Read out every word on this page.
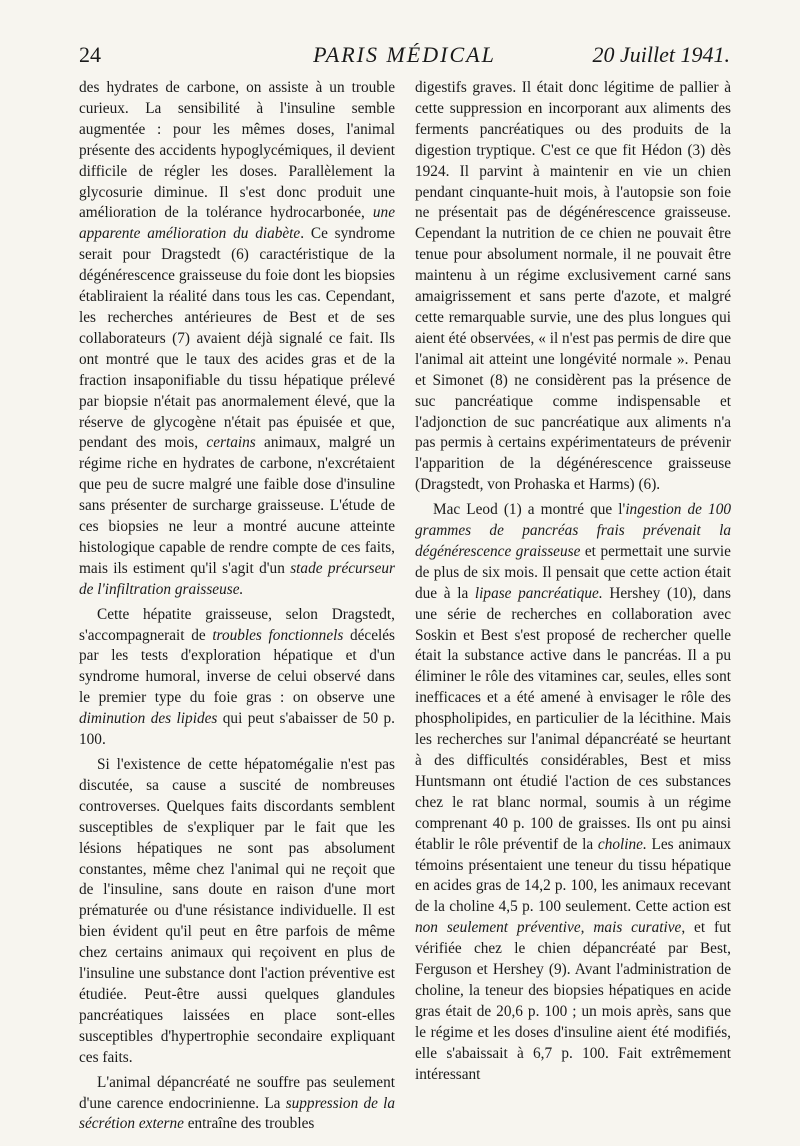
24	PARIS MÉDICAL	20 Juillet 1941.

des hydrates de carbone, on assiste à un trouble curieux. La sensibilité à l'insuline semble augmentée : pour les mêmes doses, l'animal présente des accidents hypoglycémiques, il devient difficile de régler les doses. Parallèlement la glycosurie diminue. Il s'est donc produit une amélioration de la tolérance hydrocarbonée, une apparente amélioration du diabète. Ce syndrome serait pour Dragstedt (6) caractéristique de la dégénérescence graisseuse du foie dont les biopsies établiraient la réalité dans tous les cas. Cependant, les recherches antérieures de Best et de ses collaborateurs (7) avaient déjà signalé ce fait. Ils ont montré que le taux des acides gras et de la fraction insaponifiable du tissu hépatique prélevé par biopsie n'était pas anormalement élevé, que la réserve de glycogène n'était pas épuisée et que, pendant des mois, certains animaux, malgré un régime riche en hydrates de carbone, n'excrétaient que peu de sucre malgré une faible dose d'insuline sans présenter de surcharge graisseuse. L'étude de ces biopsies ne leur a montré aucune atteinte histologique capable de rendre compte de ces faits, mais ils estiment qu'il s'agit d'un stade précurseur de l'infiltration graisseuse.

Cette hépatite graisseuse, selon Dragstedt, s'accompagnerait de troubles fonctionnels décelés par les tests d'exploration hépatique et d'un syndrome humoral, inverse de celui observé dans le premier type du foie gras : on observe une diminution des lipides qui peut s'abaisser de 50 p. 100.

Si l'existence de cette hépatomégalie n'est pas discutée, sa cause a suscité de nombreuses controverses. Quelques faits discordants semblent susceptibles de s'expliquer par le fait que les lésions hépatiques ne sont pas absolument constantes, même chez l'animal qui ne reçoit que de l'insuline, sans doute en raison d'une mort prématurée ou d'une résistance individuelle. Il est bien évident qu'il peut en être parfois de même chez certains animaux qui reçoivent en plus de l'insuline une substance dont l'action préventive est étudiée. Peut-être aussi quelques glandules pancréatiques laissées en place sont-elles susceptibles d'hypertrophie secondaire expliquant ces faits.

L'animal dépancréaté ne souffre pas seulement d'une carence endocrinienne. La suppression de la sécrétion externe entraîne des troubles

digestifs graves. Il était donc légitime de pallier à cette suppression en incorporant aux aliments des ferments pancréatiques ou des produits de la digestion tryptique. C'est ce que fit Hédon (3) dès 1924. Il parvint à maintenir en vie un chien pendant cinquante-huit mois, à l'autopsie son foie ne présentait pas de dégénérescence graisseuse. Cependant la nutrition de ce chien ne pouvait être tenue pour absolument normale, il ne pouvait être maintenu à un régime exclusivement carné sans amaigrissement et sans perte d'azote, et malgré cette remarquable survie, une des plus longues qui aient été observées, « il n'est pas permis de dire que l'animal ait atteint une longévité normale ». Penau et Simonet (8) ne considèrent pas la présence de suc pancréatique comme indispensable et l'adjonction de suc pancréatique aux aliments n'a pas permis à certains expérimentateurs de prévenir l'apparition de la dégénérescence graisseuse (Dragstedt, von Prohaska et Harms) (6).

Mac Leod (1) a montré que l'ingestion de 100 grammes de pancréas frais prévenait la dégénérescence graisseuse et permettait une survie de plus de six mois. Il pensait que cette action était due à la lipase pancréatique. Hershey (10), dans une série de recherches en collaboration avec Soskin et Best s'est proposé de rechercher quelle était la substance active dans le pancréas. Il a pu éliminer le rôle des vitamines car, seules, elles sont inefficaces et a été amené à envisager le rôle des phospholipides, en particulier de la lécithine. Mais les recherches sur l'animal dépancréaté se heurtant à des difficultés considérables, Best et miss Huntsmann ont étudié l'action de ces substances chez le rat blanc normal, soumis à un régime comprenant 40 p. 100 de graisses. Ils ont pu ainsi établir le rôle préventif de la choline. Les animaux témoins présentaient une teneur du tissu hépatique en acides gras de 14,2 p. 100, les animaux recevant de la choline 4,5 p. 100 seulement. Cette action est non seulement préventive, mais curative, et fut vérifiée chez le chien dépancréaté par Best, Ferguson et Hershey (9). Avant l'administration de choline, la teneur des biopsies hépatiques en acide gras était de 20,6 p. 100 ; un mois après, sans que le régime et les doses d'insuline aient été modifiés, elle s'abaissait à 6,7 p. 100. Fait extrêmement intéressant
